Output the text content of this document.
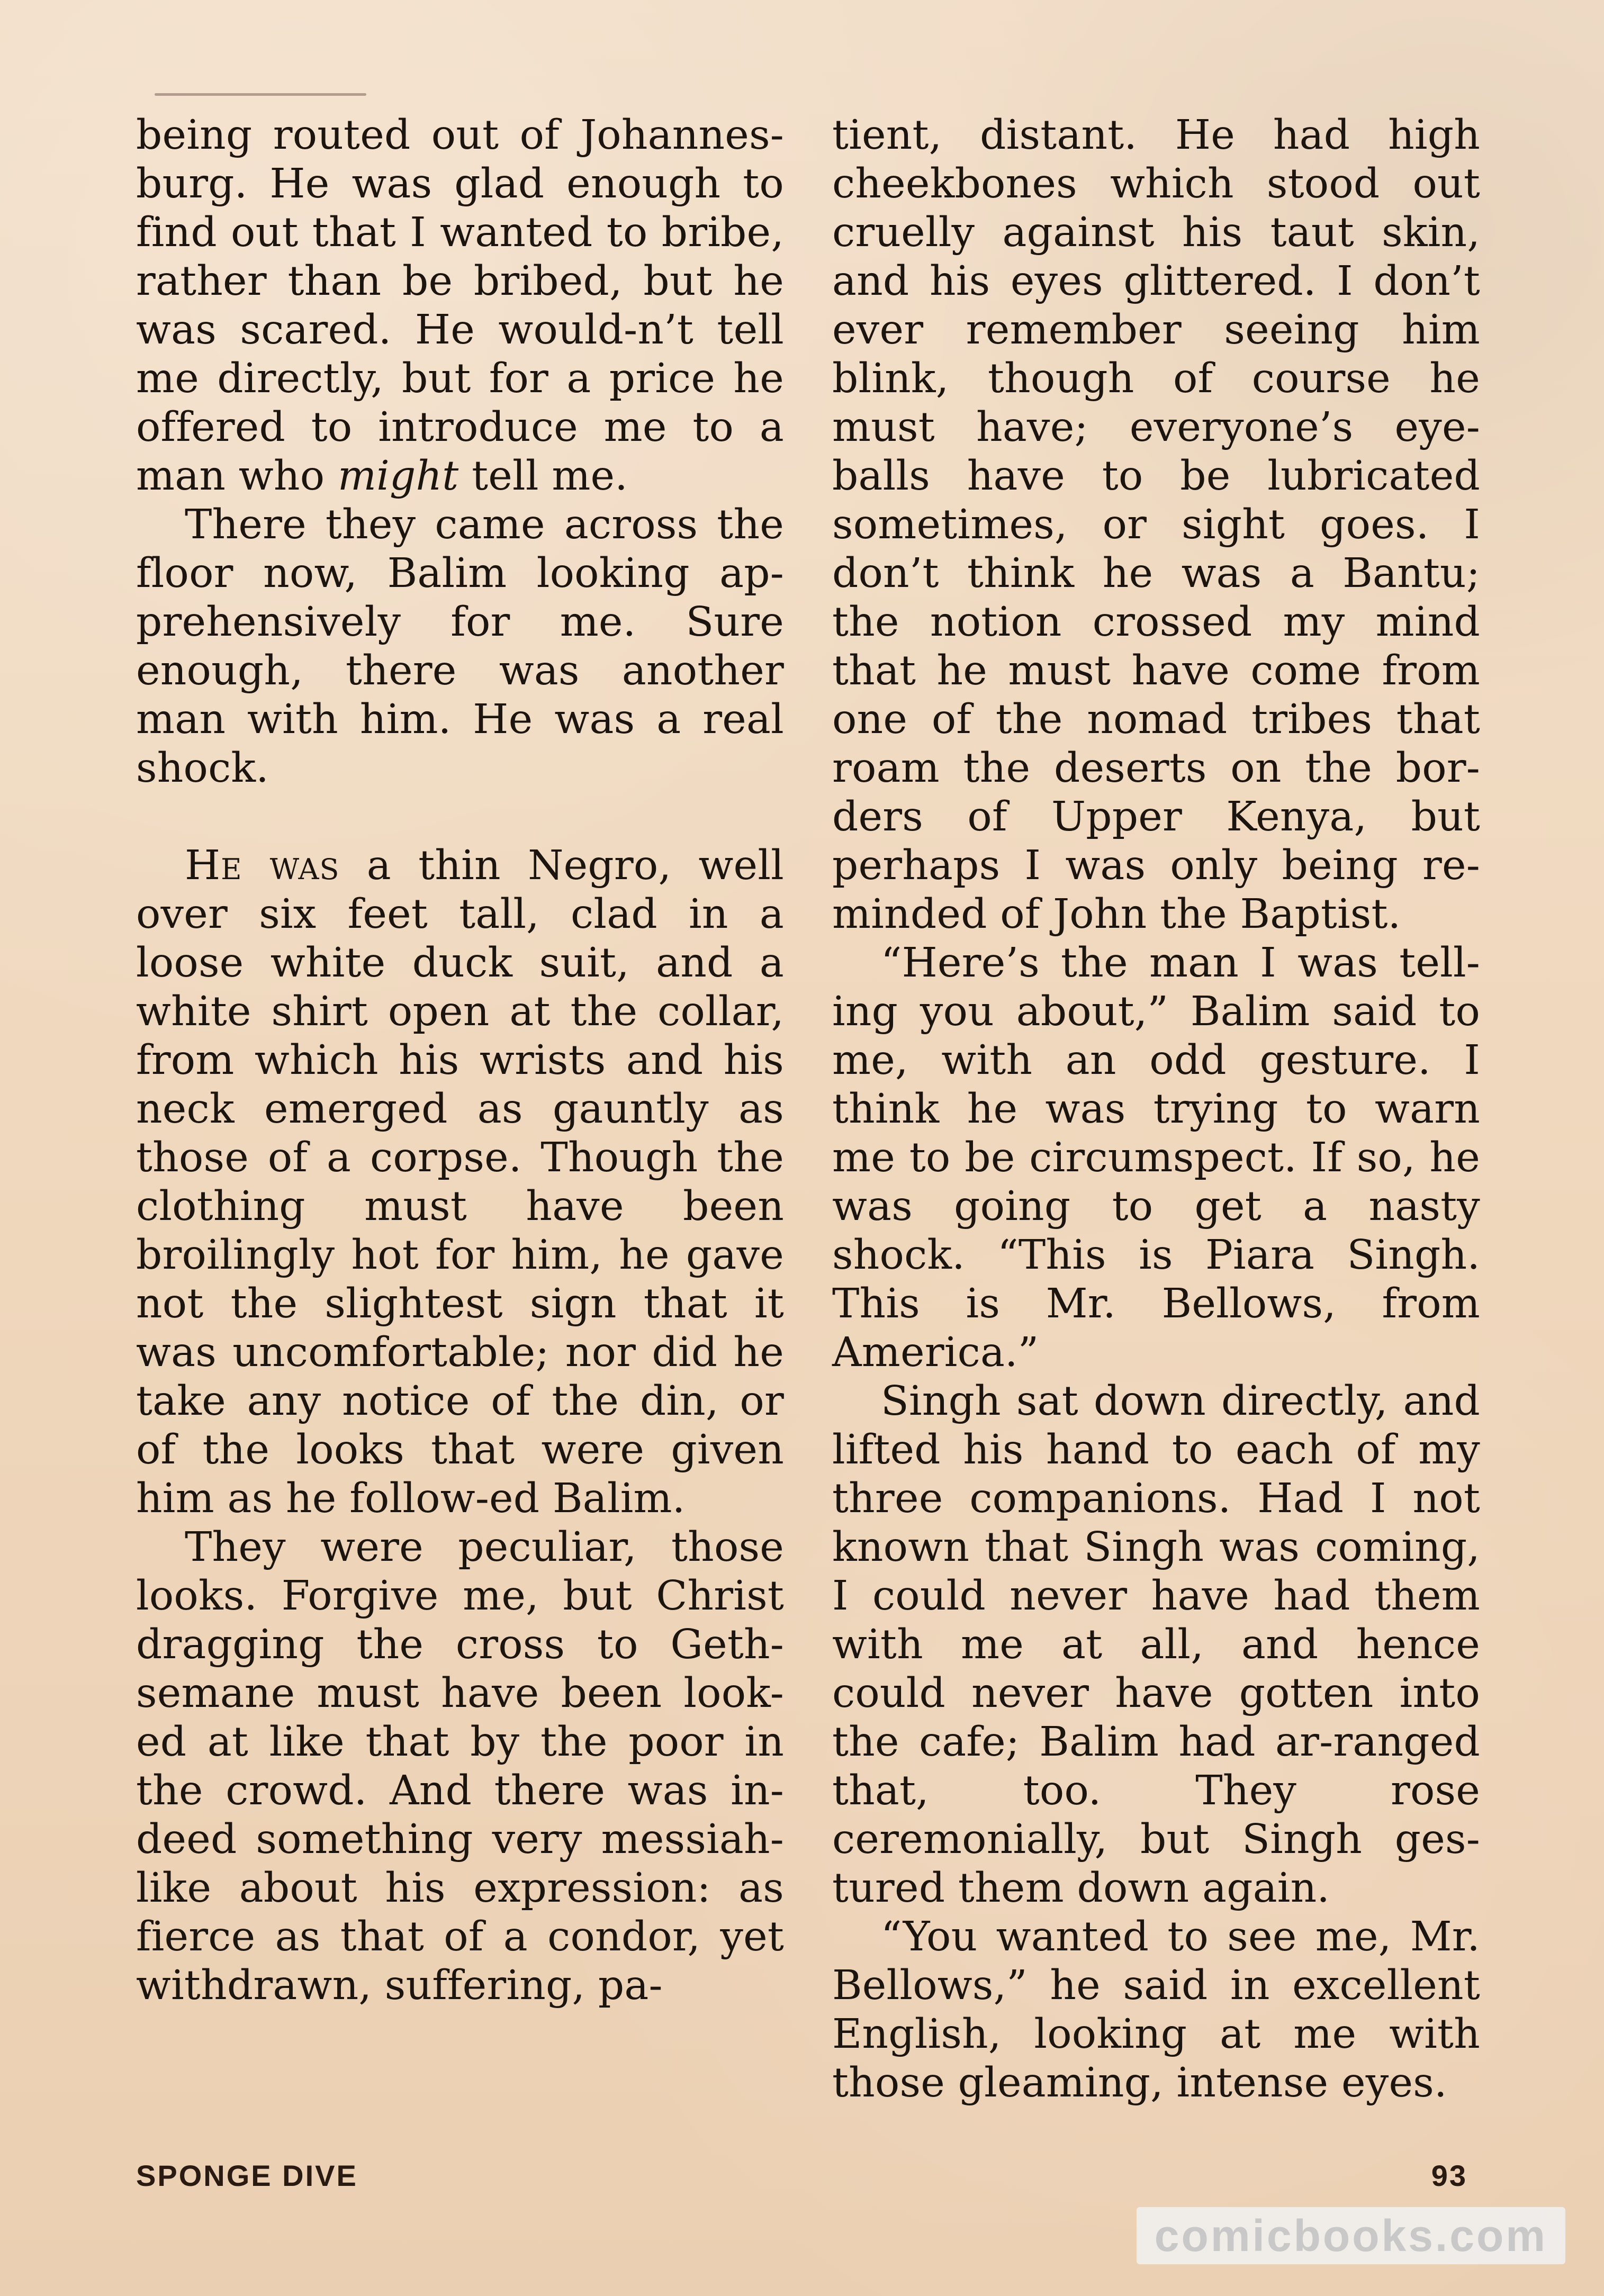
being routed out of Johannes-burg. He was glad enough to find out that I wanted to bribe, rather than be bribed, but he was scared. He would-n’t tell me directly, but for a price he offered to introduce me to a man who might tell me.

There they came across the floor now, Balim looking ap-prehensively for me. Sure enough, there was another man with him. He was a real shock.

He was a thin Negro, well over six feet tall, clad in a loose white duck suit, and a white shirt open at the collar, from which his wrists and his neck emerged as gauntly as those of a corpse. Though the clothing must have been broilingly hot for him, he gave not the slightest sign that it was uncomfortable; nor did he take any notice of the din, or of the looks that were given him as he follow-ed Balim.

They were peculiar, those looks. Forgive me, but Christ dragging the cross to Geth-semane must have been look-ed at like that by the poor in the crowd. And there was in-deed something very messiah-like about his expression: as fierce as that of a condor, yet withdrawn, suffering, pa-

tient, distant. He had high cheekbones which stood out cruelly against his taut skin, and his eyes glittered. I don’t ever remember seeing him blink, though of course he must have; everyone’s eye-balls have to be lubricated sometimes, or sight goes. I don’t think he was a Bantu; the notion crossed my mind that he must have come from one of the nomad tribes that roam the deserts on the bor-ders of Upper Kenya, but perhaps I was only being re-minded of John the Baptist.

“Here’s the man I was tell-ing you about,” Balim said to me, with an odd gesture. I think he was trying to warn me to be circumspect. If so, he was going to get a nasty shock. “This is Piara Singh. This is Mr. Bellows, from America.”

Singh sat down directly, and lifted his hand to each of my three companions. Had I not known that Singh was coming, I could never have had them with me at all, and hence could never have gotten into the cafe; Balim had ar-ranged that, too. They rose ceremonially, but Singh ges-tured them down again.

“You wanted to see me, Mr. Bellows,” he said in excellent English, looking at me with those gleaming, intense eyes.

SPONGE DIVE	93
comicbooks.com
